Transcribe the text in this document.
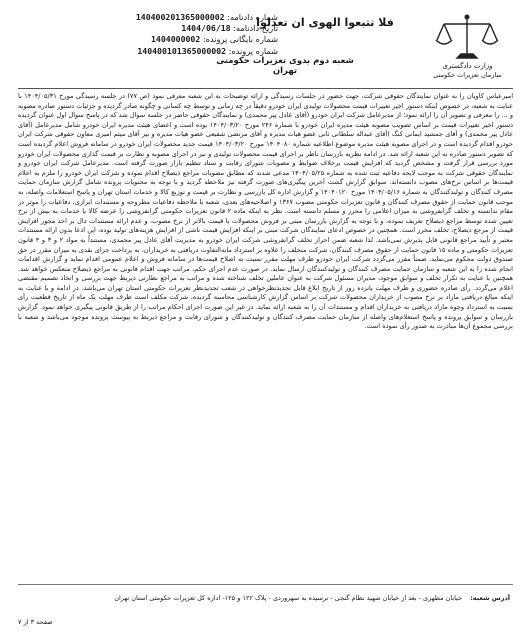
شماره دادنامه: 140400201365000002
تاریخ دادنامه: 1404/06/18
شماره بایگانی پرونده: 1404000002
شماره پرونده: 140400101365000002
فلا تتبعوا الهوی ان تعدلوا
شعبه دوم بدوی تعزیرات حکومتی تهران	وزارت دادگستری
سازمان تعزیرات حکومتی
امیرعباس کاویان را به عنوان نمایندگان حقوقی شرکت، جهت حضور در جلسات رسیدگی و ارائه توضیحات به این شعبه معرفی نمود (ص ۷۷) در جلسه رسیدگی مورخ ۱۴۰۴/۰۵/۳۱ با عنایت به شعبه، در خصوص اینکه دستور اخیر تغییرات قیمت محصولات تولیدی ایران خودرو دقیقاً در چه زمانی و توسط چه کسانی و چگونه صادر گردیده و جزئیات دستور صادره مصوبه و ... را معرفی و تصویر آن را ارائه نمود؛ از مدیرعامل شرکت ایران خودرو (آقای عادل پیر محمدی) و نمایندگان حقوقی حاضر در جلسه سوال شد که در پاسخ سوال اول عنوان گردیده دستور اخیر تغییرات قیمت بر اساس تصویب مصوبه هیئت مدیره ایران خودرو با شماره ۲۴۶ مورخ ۱۴۰۴/۰۳/۲۰ بوده است و اعضای هیئت مدیره ایران خودرو شامل مدیرعامل (آقای عادل پیر محمدی) و آقای جمشید ایمانی کنگ (آقای عبداله سلطانی ثانی عضو هیات مدیره و آقای مرتضی شفیعی عضو هیات مدیره و نیز آقای میثم امیری معاون حقوقی شرکت ایران خودرو اقدام گردیده است و در اجرای مصوبه هیئت مدیره موضوع اطلاعیه شماره ۱۴۰۴۰۸۰ مورخ ۱۴۰۴/۰۳/۲۰ قیمت جدید محصولات ایران خودرو در سامانه فروش اعلام گردیده است که تصویر دستور صادره به این شعبه ارائه شد. در ادامه نظریه بازرسان ناظر بر اجرای قیمت محصولات تولیدی و نیز در اجرای مصوبه و نظارت بر قیمت گذاری محصولات ایران خودرو مورد بررسی قرار گرفت و مشخص گردید که افزایش قیمت برخلاف ضوابط و مصوبات شورای رقابت و ستاد تنظیم بازار صورت گرفته است. مدیرعامل شرکت ایران خودرو و نمایندگان حقوقی شرکت به موجب لایحه دفاعیه ثبت شده به شماره ۱۴۰۴/۰۵/۲۵ مدعی شدند که مطابق مصوبات مراجع ذیصلاح اقدام نموده و شرکت ایران خودرو را ملزم به اعلام قیمت‌ها بر اساس نرخ‌های مصوب دانسته‌اند. سوابق گزارش گشت آخرین پیگیری‌های صورت گرفته نیز ملاحظه گردید و با توجه به محتویات پرونده شامل گزارش سازمان حمایت مصرف کنندگان و تولیدکنندگان به شماره ۱۴۰۴/۰۵/۱۶ مورخ ۱۴۰۴۰۱۲۰ و گزارش اداره کل بازرسی و نظارت بر قیمت و توزیع کالا و خدمات استان تهران و پاسخ استعلامات واصله، به موجب قانون حمایت از حقوق مصرف کنندگان و قانون تعزیرات حکومتی مصوب ۱۳۶۷ و اصلاحیه‌های بعدی، شعبه با ملاحظه دفاعیات مطروحه و مستندات ابرازی، دفاعیات را موثر در مقام ندانسته و تخلف گرانفروشی به میزان اعلامی را محرز و مسلم دانسته است. نظر به اینکه ماده ۲ قانون تعزیرات حکومتی گرانفروشی را عرضه کالا یا خدمات به بیش از نرخ تعیین شده توسط مراجع ذیصلاح تعریف نموده، و با توجه به گزارش بازرسان مبنی بر فروش محصولات با قیمت بالاتر از نرخ مصوب، و عدم ارائه مستندات دال بر اخذ مجوز افزایش قیمت از مرجع ذیصلاح، تخلف محرز است. همچنین در خصوص ادعای نمایندگان شرکت مبنی بر اینکه افزایش قیمت ناشی از افزایش هزینه‌های تولید بوده، این ادعا بدون ارائه مستندات معتبر و تأیید مراجع قانونی قابل پذیرش نمی‌باشد. لذا شعبه ضمن احراز تخلف گرانفروشی شرکت ایران خودرو به مدیریت آقای عادل پیر محمدی، مستنداً به مواد ۲ و ۳ و ۴ قانون تعزیرات حکومتی و ماده ۱۵ قانون حمایت از حقوق مصرف کنندگان، شرکت متخلف را علاوه بر استرداد مابه‌التفاوت دریافتی به خریداران، به پرداخت جزای نقدی به میزان مقرر در حق صندوق دولت محکوم می‌نماید. ضمناً مقرر می‌گردد شرکت ایران خودرو ظرف مهلت مقرر نسبت به اصلاح قیمت‌ها در سامانه فروش و اعلام عمومی اقدام نماید و گزارش اقدامات انجام شده را به این شعبه و سازمان حمایت مصرف کنندگان و تولیدکنندگان ارسال نماید. در صورت عدم اجرای حکم، مراتب جهت اقدام قانونی به مراجع ذیصلاح منعکس خواهد شد. همچنین با عنایت به تکرار تخلف و سوابق موجود، مدیران مسئول شرکت به عنوان عاملین تخلف شناخته شده و مراتب به مراجع نظارتی ذیربط جهت بررسی و اتخاذ تصمیم مقتضی اعلام می‌گردد. رأی صادره حضوری و ظرف مهلت پانزده روز از تاریخ ابلاغ قابل تجدیدنظرخواهی در شعب تجدیدنظر تعزیرات حکومتی استان تهران می‌باشد. در ادامه و با عنایت به اینکه مبالغ دریافتی مازاد بر نرخ مصوب از خریداران محصولات شرکت بر اساس گزارش کارشناسی محاسبه گردیده، شرکت مکلف است ظرف مهلت یک ماه از تاریخ قطعیت رأی نسبت به استرداد وجوه مازاد دریافتی به خریداران اقدام و مستندات آن را به شعبه ارائه نماید. در غیر این صورت اجرای احکام مراتب را از طریق قانونی پیگیری خواهد نمود. گزارش بازرسان و سوابق پرونده و پاسخ استعلام‌های واصله از سازمان حمایت مصرف کنندگان و تولیدکنندگان و شورای رقابت و مراجع ذیربط به پیوست پرونده موجود می‌باشد و شعبه با بررسی مجموع آن‌ها مبادرت به صدور رأی نموده است.
آدرس شعبه: خیابان مطهری - بعد از خیابان شهید نظام گنجی - نرسیده به سهروردی - پلاک ۱۲۲ و ۱۲۵- اداره کل تعزیرات حکومتی استان تهران
صفحه ۳ از ۷
